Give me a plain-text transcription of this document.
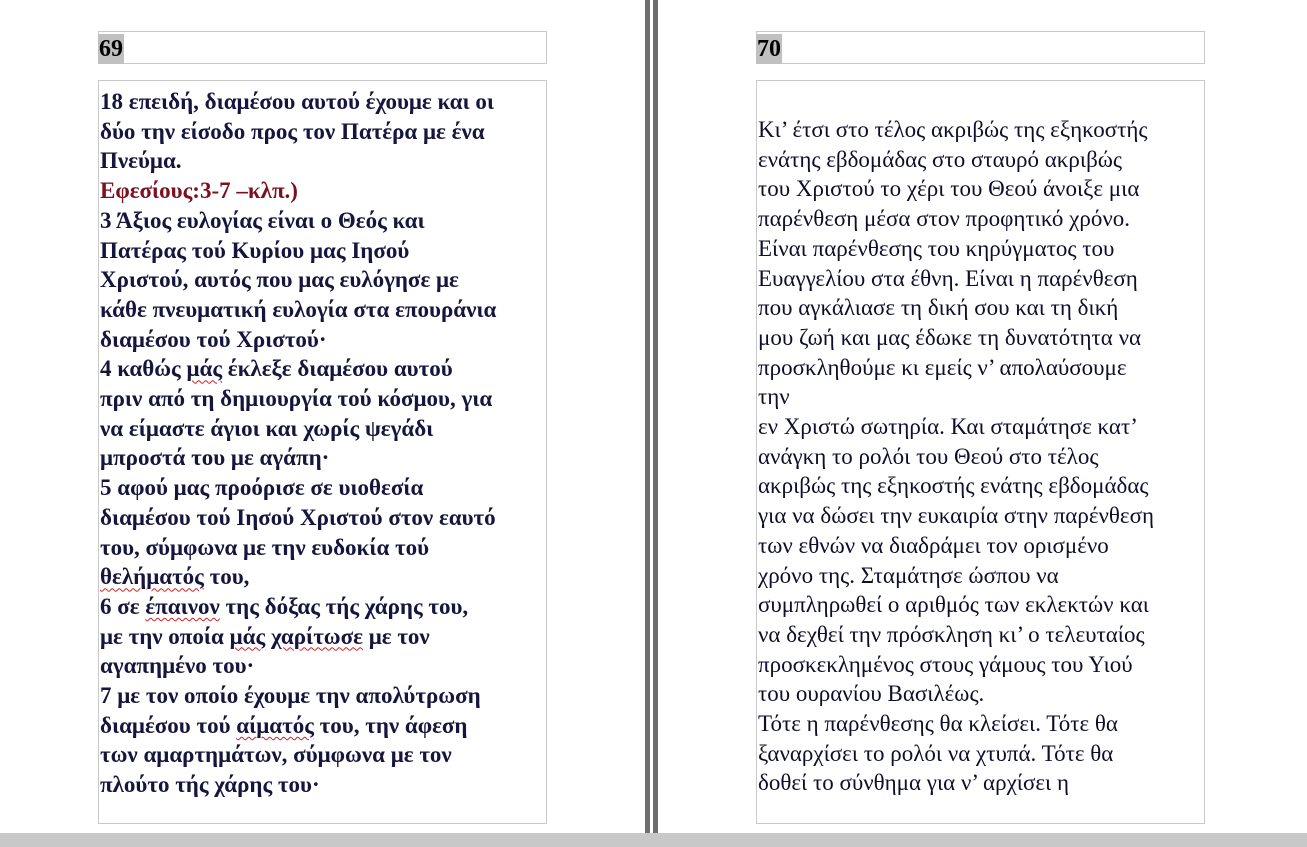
69
18 επειδή, διαμέσου αυτού έχουμε και οι
δύο την είσοδο προς τον Πατέρα με ένα
Πνεύμα.
Εφεσίους:3-7 –κλπ.)
3 Άξιος ευλογίας είναι ο Θεός και
Πατέρας τού Κυρίου μας Ιησού
Χριστού, αυτός που μας ευλόγησε με
κάθε πνευματική ευλογία στα επουράνια
διαμέσου τού Χριστού·
4 καθώς μάς έκλεξε διαμέσου αυτού
πριν από τη δημιουργία τού κόσμου, για
να είμαστε άγιοι και χωρίς ψεγάδι
μπροστά του με αγάπη·
5 αφού μας προόρισε σε υιοθεσία
διαμέσου τού Ιησού Χριστού στον εαυτό
του, σύμφωνα με την ευδοκία τού
θελήματός του,
6 σε έπαινον της δόξας τής χάρης του,
με την οποία μάς χαρίτωσε με τον
αγαπημένο του·
7 με τον οποίο έχουμε την απολύτρωση
διαμέσου τού αίματός του, την άφεση
των αμαρτημάτων, σύμφωνα με τον
πλούτο τής χάρης του·
70
Κι’ έτσι στο τέλος ακριβώς της εξηκοστής
ενάτης εβδομάδας στο σταυρό ακριβώς
του Χριστού το χέρι του Θεού άνοιξε μια
παρένθεση μέσα στον προφητικό χρόνο.
Είναι παρένθεσης του κηρύγματος του
Ευαγγελίου στα έθνη. Είναι η παρένθεση
που αγκάλιασε τη δική σου και τη δική
μου ζωή και μας έδωκε τη δυνατότητα να
προσκληθούμε κι εμείς ν’ απολαύσουμε
την
εν Χριστώ σωτηρία. Και σταμάτησε κατ’
ανάγκη το ρολόι του Θεού στο τέλος
ακριβώς της εξηκοστής ενάτης εβδομάδας
για να δώσει την ευκαιρία στην παρένθεση
των εθνών να διαδράμει τον ορισμένο
χρόνο της. Σταμάτησε ώσπου να
συμπληρωθεί ο αριθμός των εκλεκτών και
να δεχθεί την πρόσκληση κι’ ο τελευταίος
προσκεκλημένος στους γάμους του Υιού
του ουρανίου Βασιλέως.
Τότε η παρένθεσης θα κλείσει. Τότε θα
ξαναρχίσει το ρολόι να χτυπά. Τότε θα
δοθεί το σύνθημα για ν’ αρχίσει η
